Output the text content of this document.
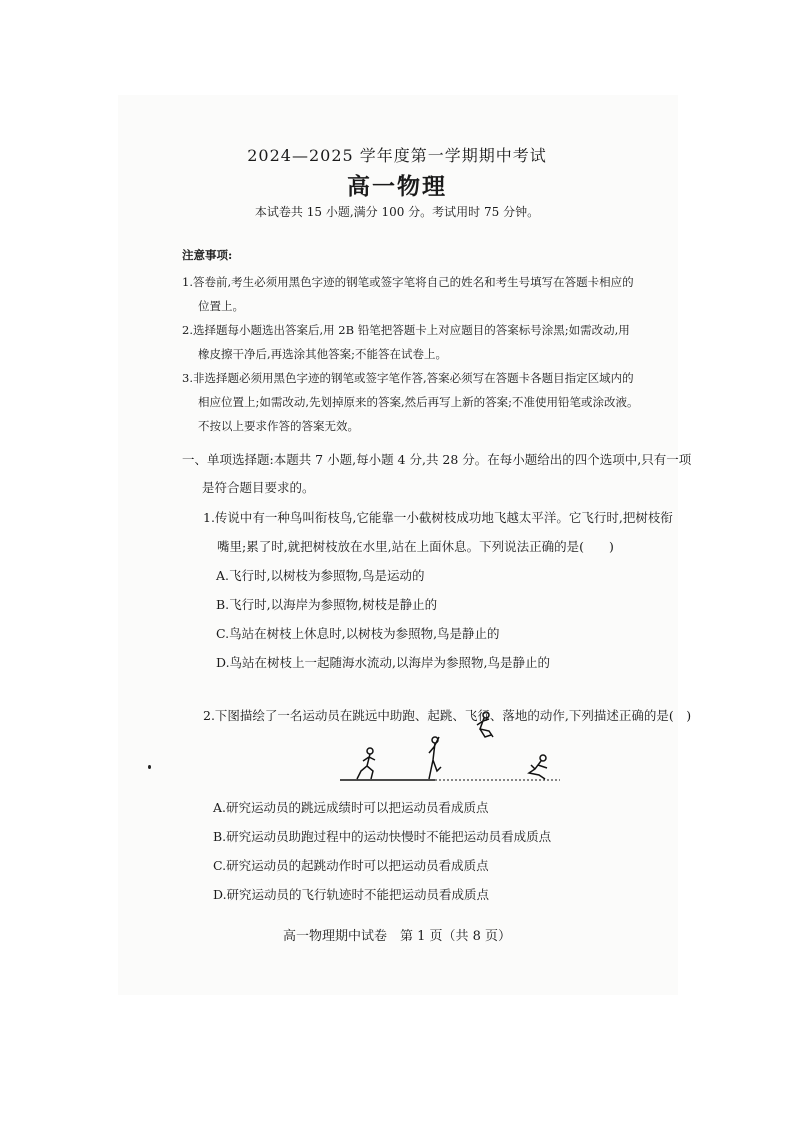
2024—2025 学年度第一学期期中考试
高一物理
本试卷共 15 小题,满分 100 分。考试用时 75 分钟。
注意事项:
1.答卷前,考生必须用黑色字迹的钢笔或签字笔将自己的姓名和考生号填写在答题卡相应的
位置上。
2.选择题每小题选出答案后,用 2B 铅笔把答题卡上对应题目的答案标号涂黑;如需改动,用
橡皮擦干净后,再选涂其他答案;不能答在试卷上。
3.非选择题必须用黑色字迹的钢笔或签字笔作答,答案必须写在答题卡各题目指定区域内的
相应位置上;如需改动,先划掉原来的答案,然后再写上新的答案;不准使用铅笔或涂改液。
不按以上要求作答的答案无效。
一、单项选择题:本题共 7 小题,每小题 4 分,共 28 分。在每小题给出的四个选项中,只有一项
是符合题目要求的。
1.传说中有一种鸟叫衔枝鸟,它能靠一小截树枝成功地飞越太平洋。它飞行时,把树枝衔
嘴里;累了时,就把树枝放在水里,站在上面休息。下列说法正确的是(　　)
A.飞行时,以树枝为参照物,鸟是运动的
B.飞行时,以海岸为参照物,树枝是静止的
C.鸟站在树枝上休息时,以树枝为参照物,鸟是静止的
D.鸟站在树枝上一起随海水流动,以海岸为参照物,鸟是静止的
2.下图描绘了一名运动员在跳远中助跑、起跳、飞行、落地的动作,下列描述正确的是(　)
A.研究运动员的跳远成绩时可以把运动员看成质点
B.研究运动员助跑过程中的运动快慢时不能把运动员看成质点
C.研究运动员的起跳动作时可以把运动员看成质点
D.研究运动员的飞行轨迹时不能把运动员看成质点
高一物理期中试卷　第 1 页（共 8 页）
